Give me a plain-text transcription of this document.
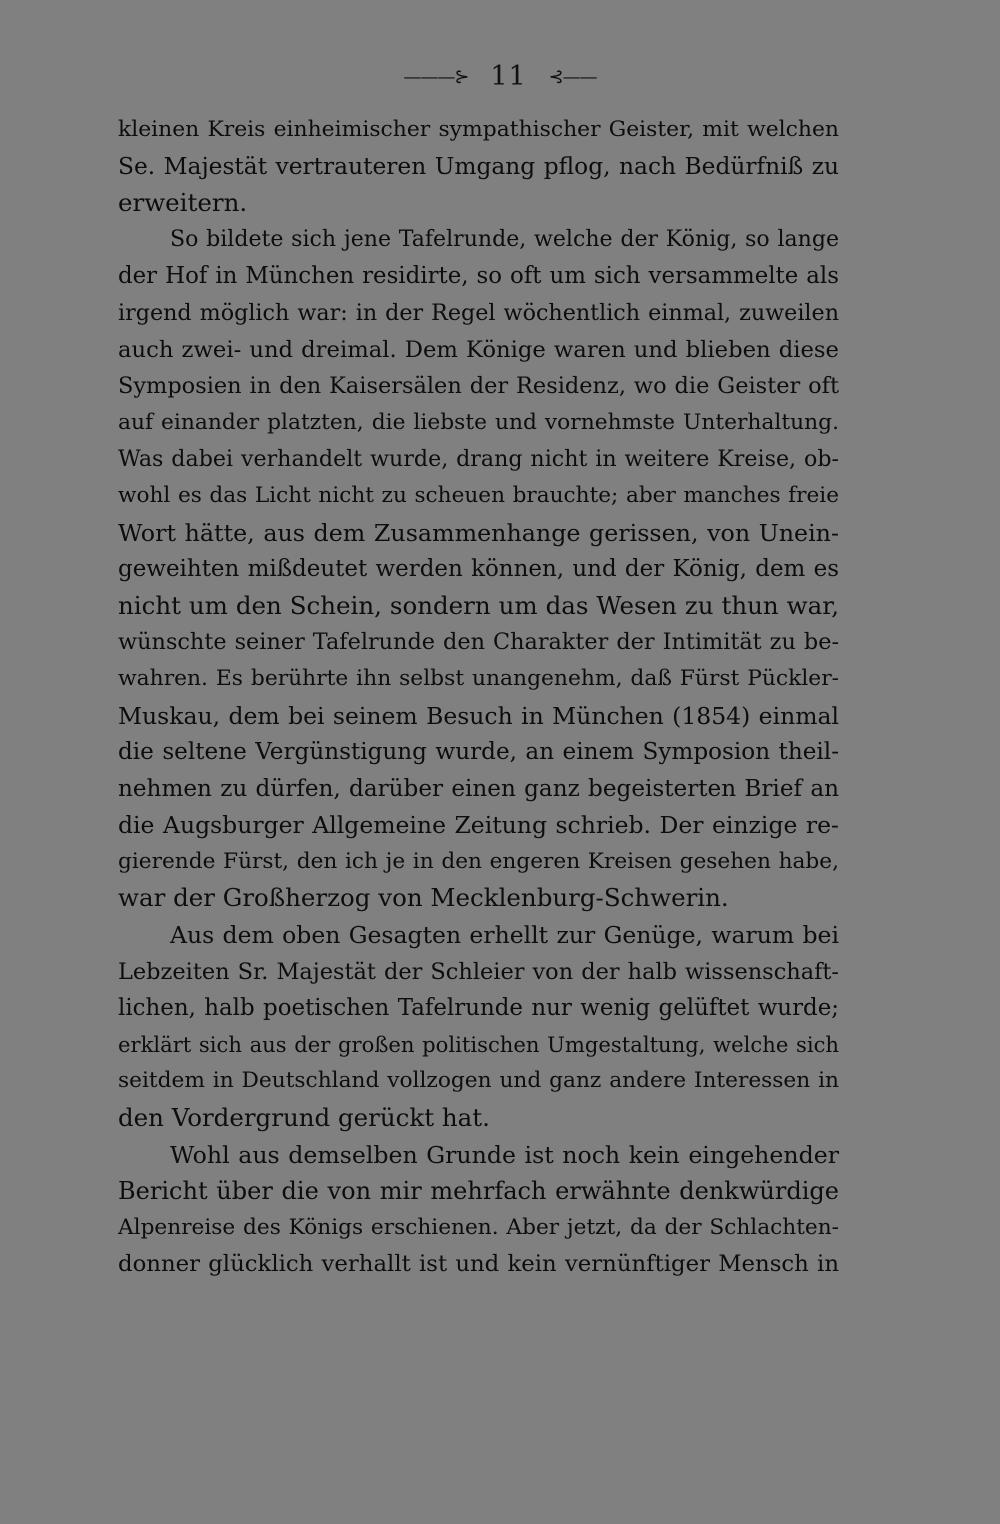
———⊱ 11 ⊰——
kleinen Kreis einheimischer sympathischer Geister, mit welchen
Se. Majestät vertrauteren Umgang pflog, nach Bedürfniß zu
erweitern.
So bildete sich jene Tafelrunde, welche der König, so lange
der Hof in München residirte, so oft um sich versammelte als
irgend möglich war: in der Regel wöchentlich einmal, zuweilen
auch zwei- und dreimal. Dem Könige waren und blieben diese
Symposien in den Kaisersälen der Residenz, wo die Geister oft
auf einander platzten, die liebste und vornehmste Unterhaltung.
Was dabei verhandelt wurde, drang nicht in weitere Kreise, ob-
wohl es das Licht nicht zu scheuen brauchte; aber manches freie
Wort hätte, aus dem Zusammenhange gerissen, von Unein-
geweihten mißdeutet werden können, und der König, dem es
nicht um den Schein, sondern um das Wesen zu thun war,
wünschte seiner Tafelrunde den Charakter der Intimität zu be-
wahren. Es berührte ihn selbst unangenehm, daß Fürst Pückler-
Muskau, dem bei seinem Besuch in München (1854) einmal
die seltene Vergünstigung wurde, an einem Symposion theil-
nehmen zu dürfen, darüber einen ganz begeisterten Brief an
die Augsburger Allgemeine Zeitung schrieb. Der einzige re-
gierende Fürst, den ich je in den engeren Kreisen gesehen habe,
war der Großherzog von Mecklenburg-Schwerin.
Aus dem oben Gesagten erhellt zur Genüge, warum bei
Lebzeiten Sr. Majestät der Schleier von der halb wissenschaft-
lichen, halb poetischen Tafelrunde nur wenig gelüftet wurde;
erklärt sich aus der großen politischen Umgestaltung, welche sich
seitdem in Deutschland vollzogen und ganz andere Interessen in
den Vordergrund gerückt hat.
Wohl aus demselben Grunde ist noch kein eingehender
Bericht über die von mir mehrfach erwähnte denkwürdige
Alpenreise des Königs erschienen. Aber jetzt, da der Schlachten-
donner glücklich verhallt ist und kein vernünftiger Mensch in
